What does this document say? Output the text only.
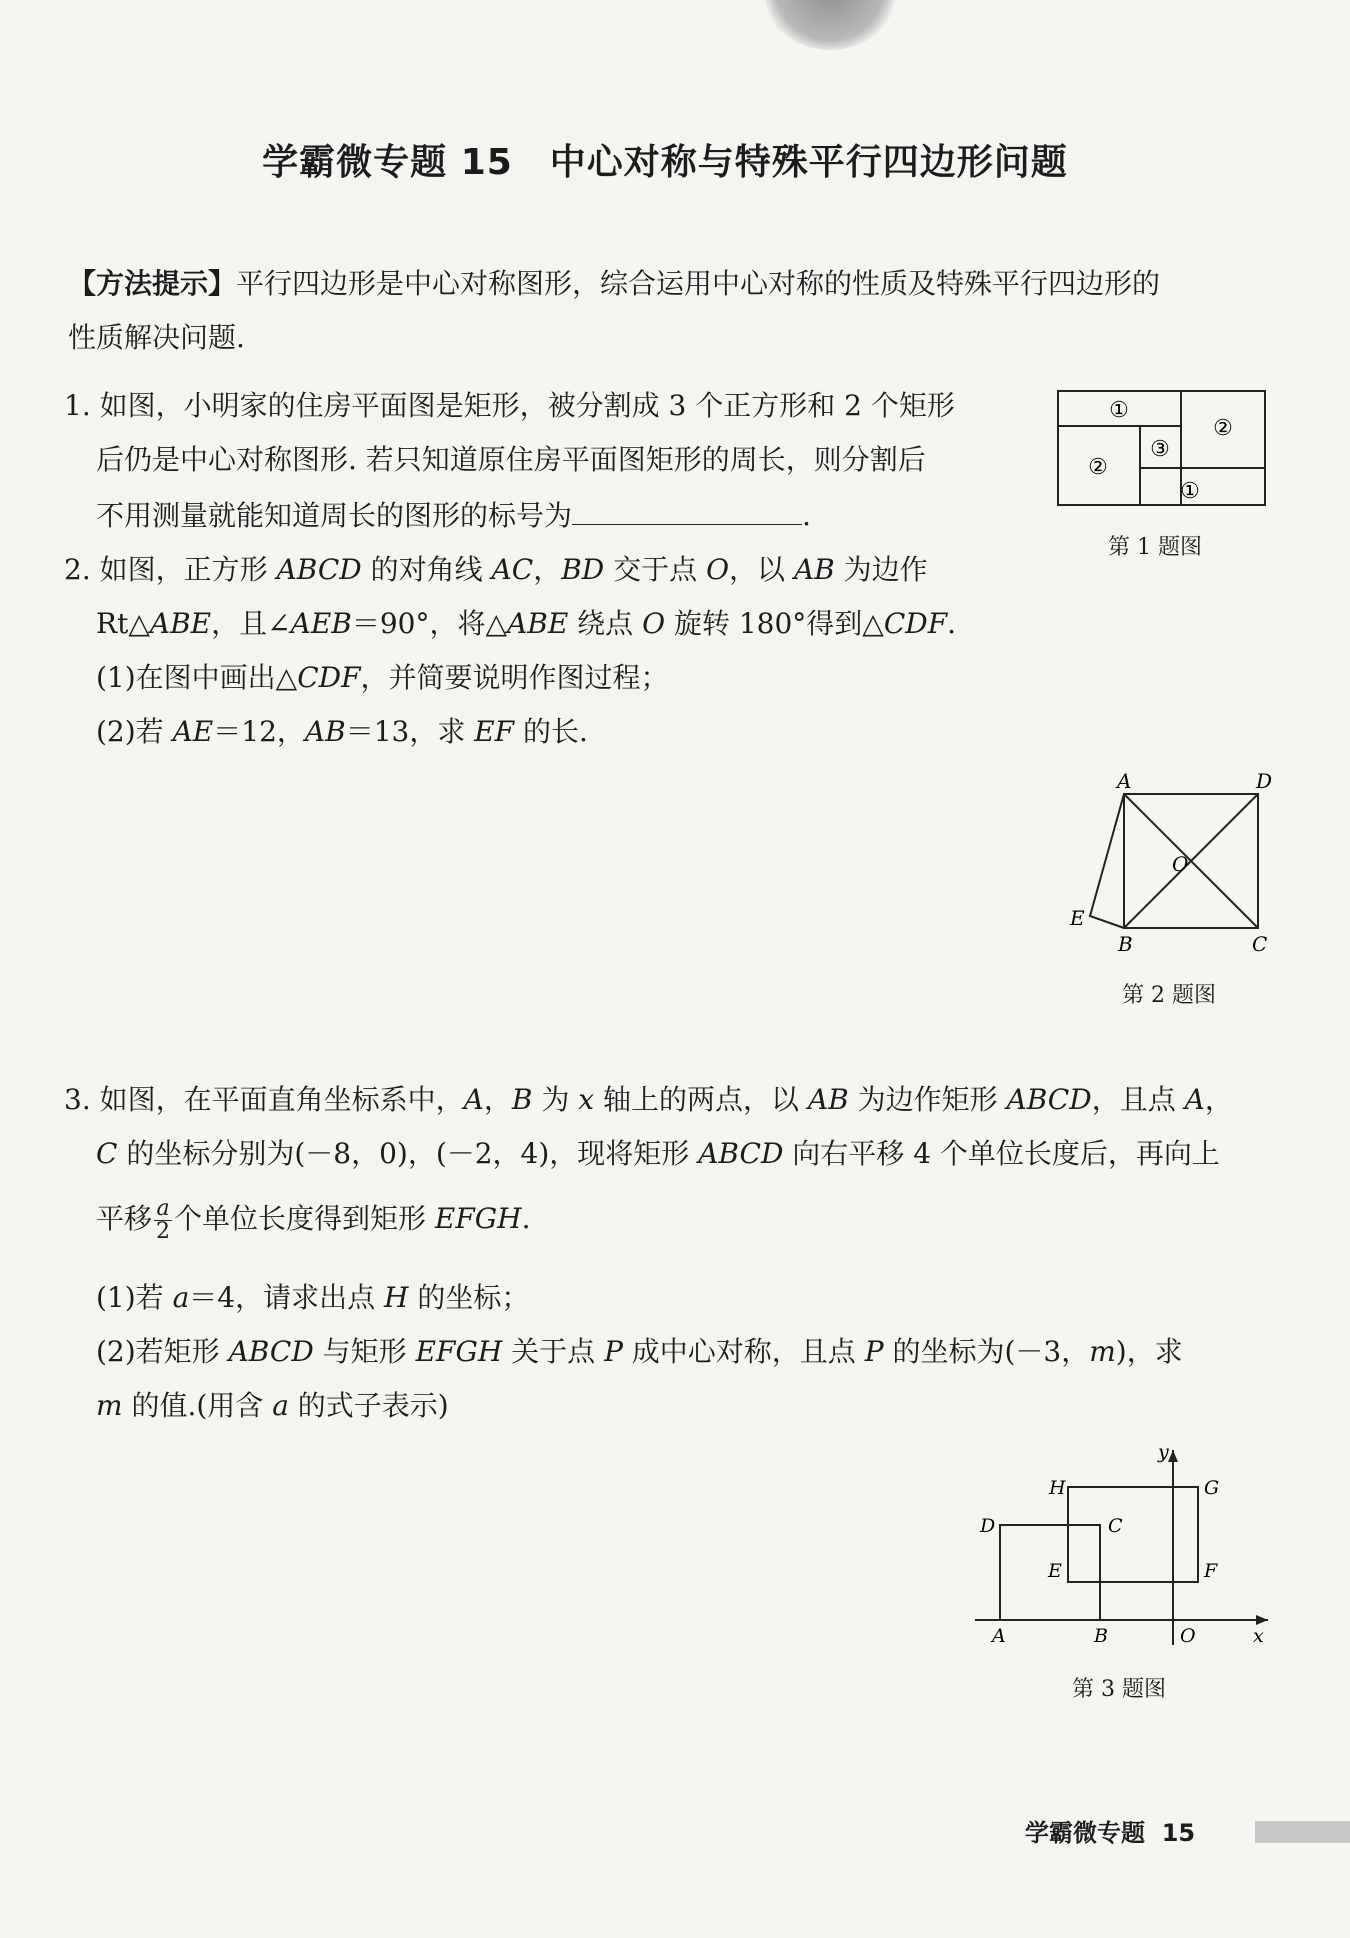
学霸微专题 15　中心对称与特殊平行四边形问题
【方法提示】平行四边形是中心对称图形，综合运用中心对称的性质及特殊平行四边形的
性质解决问题.
1. 如图，小明家的住房平面图是矩形，被分割成 3 个正方形和 2 个矩形
后仍是中心对称图形. 若只知道原住房平面图矩形的周长，则分割后
不用测量就能知道周长的图形的标号为	.
①
②
③
②
①
第 1 题图
2. 如图，正方形 ABCD 的对角线 AC，BD 交于点 O，以 AB 为边作
Rt△ABE，且∠AEB＝90°，将△ABE 绕点 O 旋转 180°得到△CDF.
(1)在图中画出△CDF，并简要说明作图过程；
(2)若 AE＝12，AB＝13，求 EF 的长.
A	D
O
E
B	C
第 2 题图
3. 如图，在平面直角坐标系中，A，B 为 x 轴上的两点，以 AB 为边作矩形 ABCD，且点 A，
C 的坐标分别为(－8，0)，(－2，4)，现将矩形 ABCD 向右平移 4 个单位长度后，再向上
平移 $\frac{a}{2}$ 个单位长度得到矩形 EFGH.
(1)若 a＝4，请求出点 H 的坐标；
(2)若矩形 ABCD 与矩形 EFGH 关于点 P 成中心对称，且点 P 的坐标为(－3，m)，求
m 的值.(用含 a 的式子表示)
y
H	G
D	C
E	F
A	B	O	x
第 3 题图
学霸微专题 15
